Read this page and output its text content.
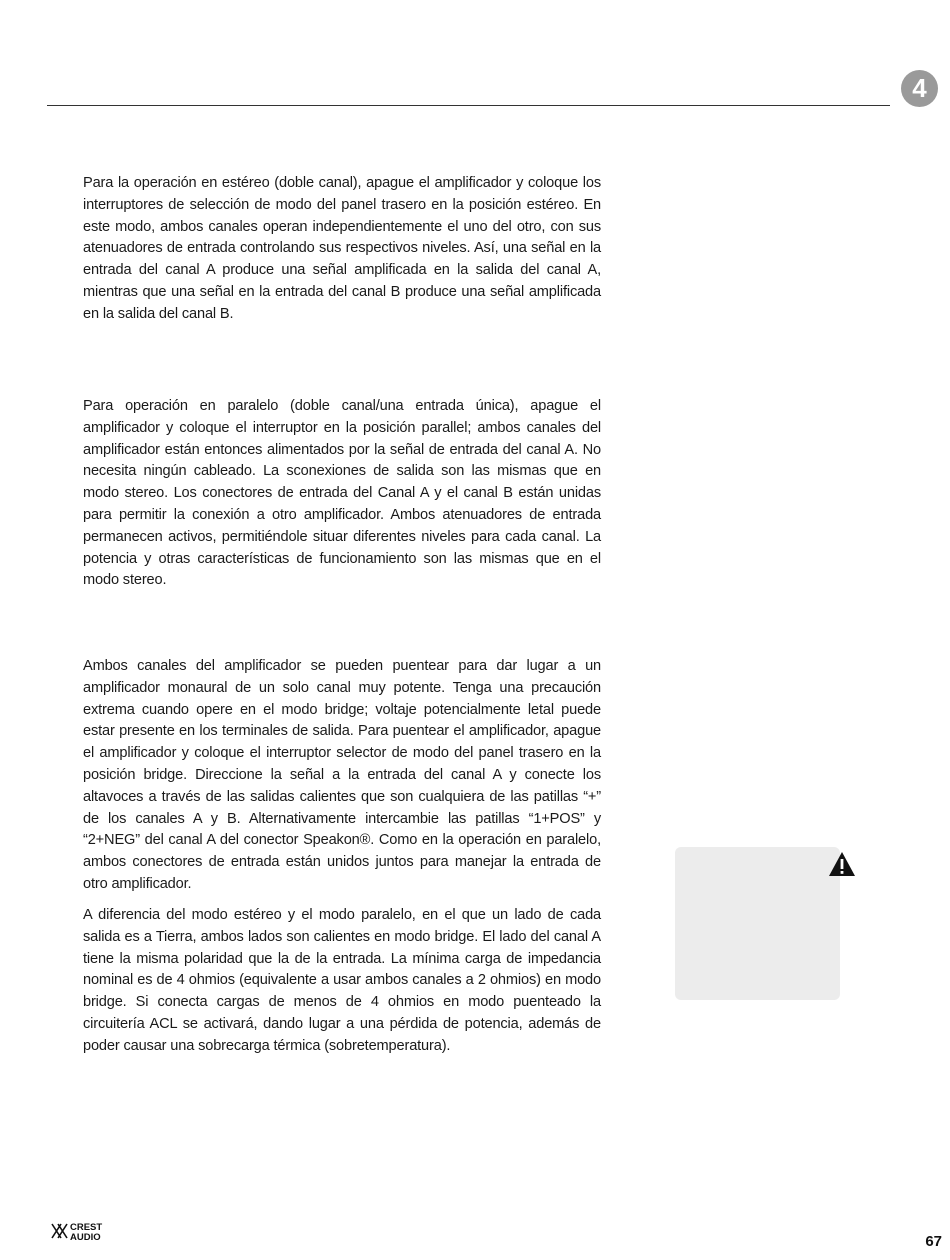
4

Para la operación en estéreo (doble canal), apague el amplificador y coloque los interruptores de selección de modo del panel trasero en la posición estéreo. En este modo, ambos canales operan independientemente el uno del otro, con sus atenuadores de entrada controlando sus respectivos niveles. Así, una señal en la entrada del canal A produce una señal amplificada en la salida del canal A, mientras que una señal en la entrada del canal B produce una señal amplificada en la salida del canal B.

Para operación en paralelo (doble canal/una entrada única), apague el amplificador y coloque el interruptor en la posición parallel; ambos canales del amplificador están entonces alimentados por la señal de entrada del canal A. No necesita ningún cableado. La sconexiones de salida son las mismas que en modo stereo. Los conectores de entrada del Canal A y el canal B están unidas para permitir la conexión a otro amplificador. Ambos atenuadores de entrada permanecen activos, permitiéndole situar diferentes niveles para cada canal. La potencia y otras características de funcionamiento son las mismas que en el modo stereo.

Ambos canales del amplificador se pueden puentear para dar lugar a un amplificador monaural de un solo canal muy potente. Tenga una precaución extrema cuando opere en el modo bridge; voltaje potencialmente letal puede estar presente en los terminales de salida. Para puentear el amplificador, apague el amplificador y coloque el interruptor selector de modo del panel trasero en la posición bridge. Direccione la señal a la entrada del canal A y conecte los altavoces a través de las salidas calientes que son cualquiera de las patillas “+” de los canales A y B. Alternativamente intercambie las patillas “1+POS” y “2+NEG” del canal A del conector Speakon®. Como en la operación en paralelo, ambos conectores de entrada están unidos juntos para manejar la entrada de otro amplificador.

A diferencia del modo estéreo y el modo paralelo, en el que un lado de cada salida es a Tierra, ambos lados son calientes en modo bridge. El lado del canal A tiene la misma polaridad que la de la entrada. La mínima carga de impedancia nominal es de 4 ohmios (equivalente a usar ambos canales a 2 ohmios) en modo bridge. Si conecta cargas de menos de 4 ohmios en modo puenteado la circuitería ACL se activará, dando lugar a una pérdida de potencia, además de poder causar una sobrecarga térmica (sobretemperatura).

CREST
AUDIO	67
